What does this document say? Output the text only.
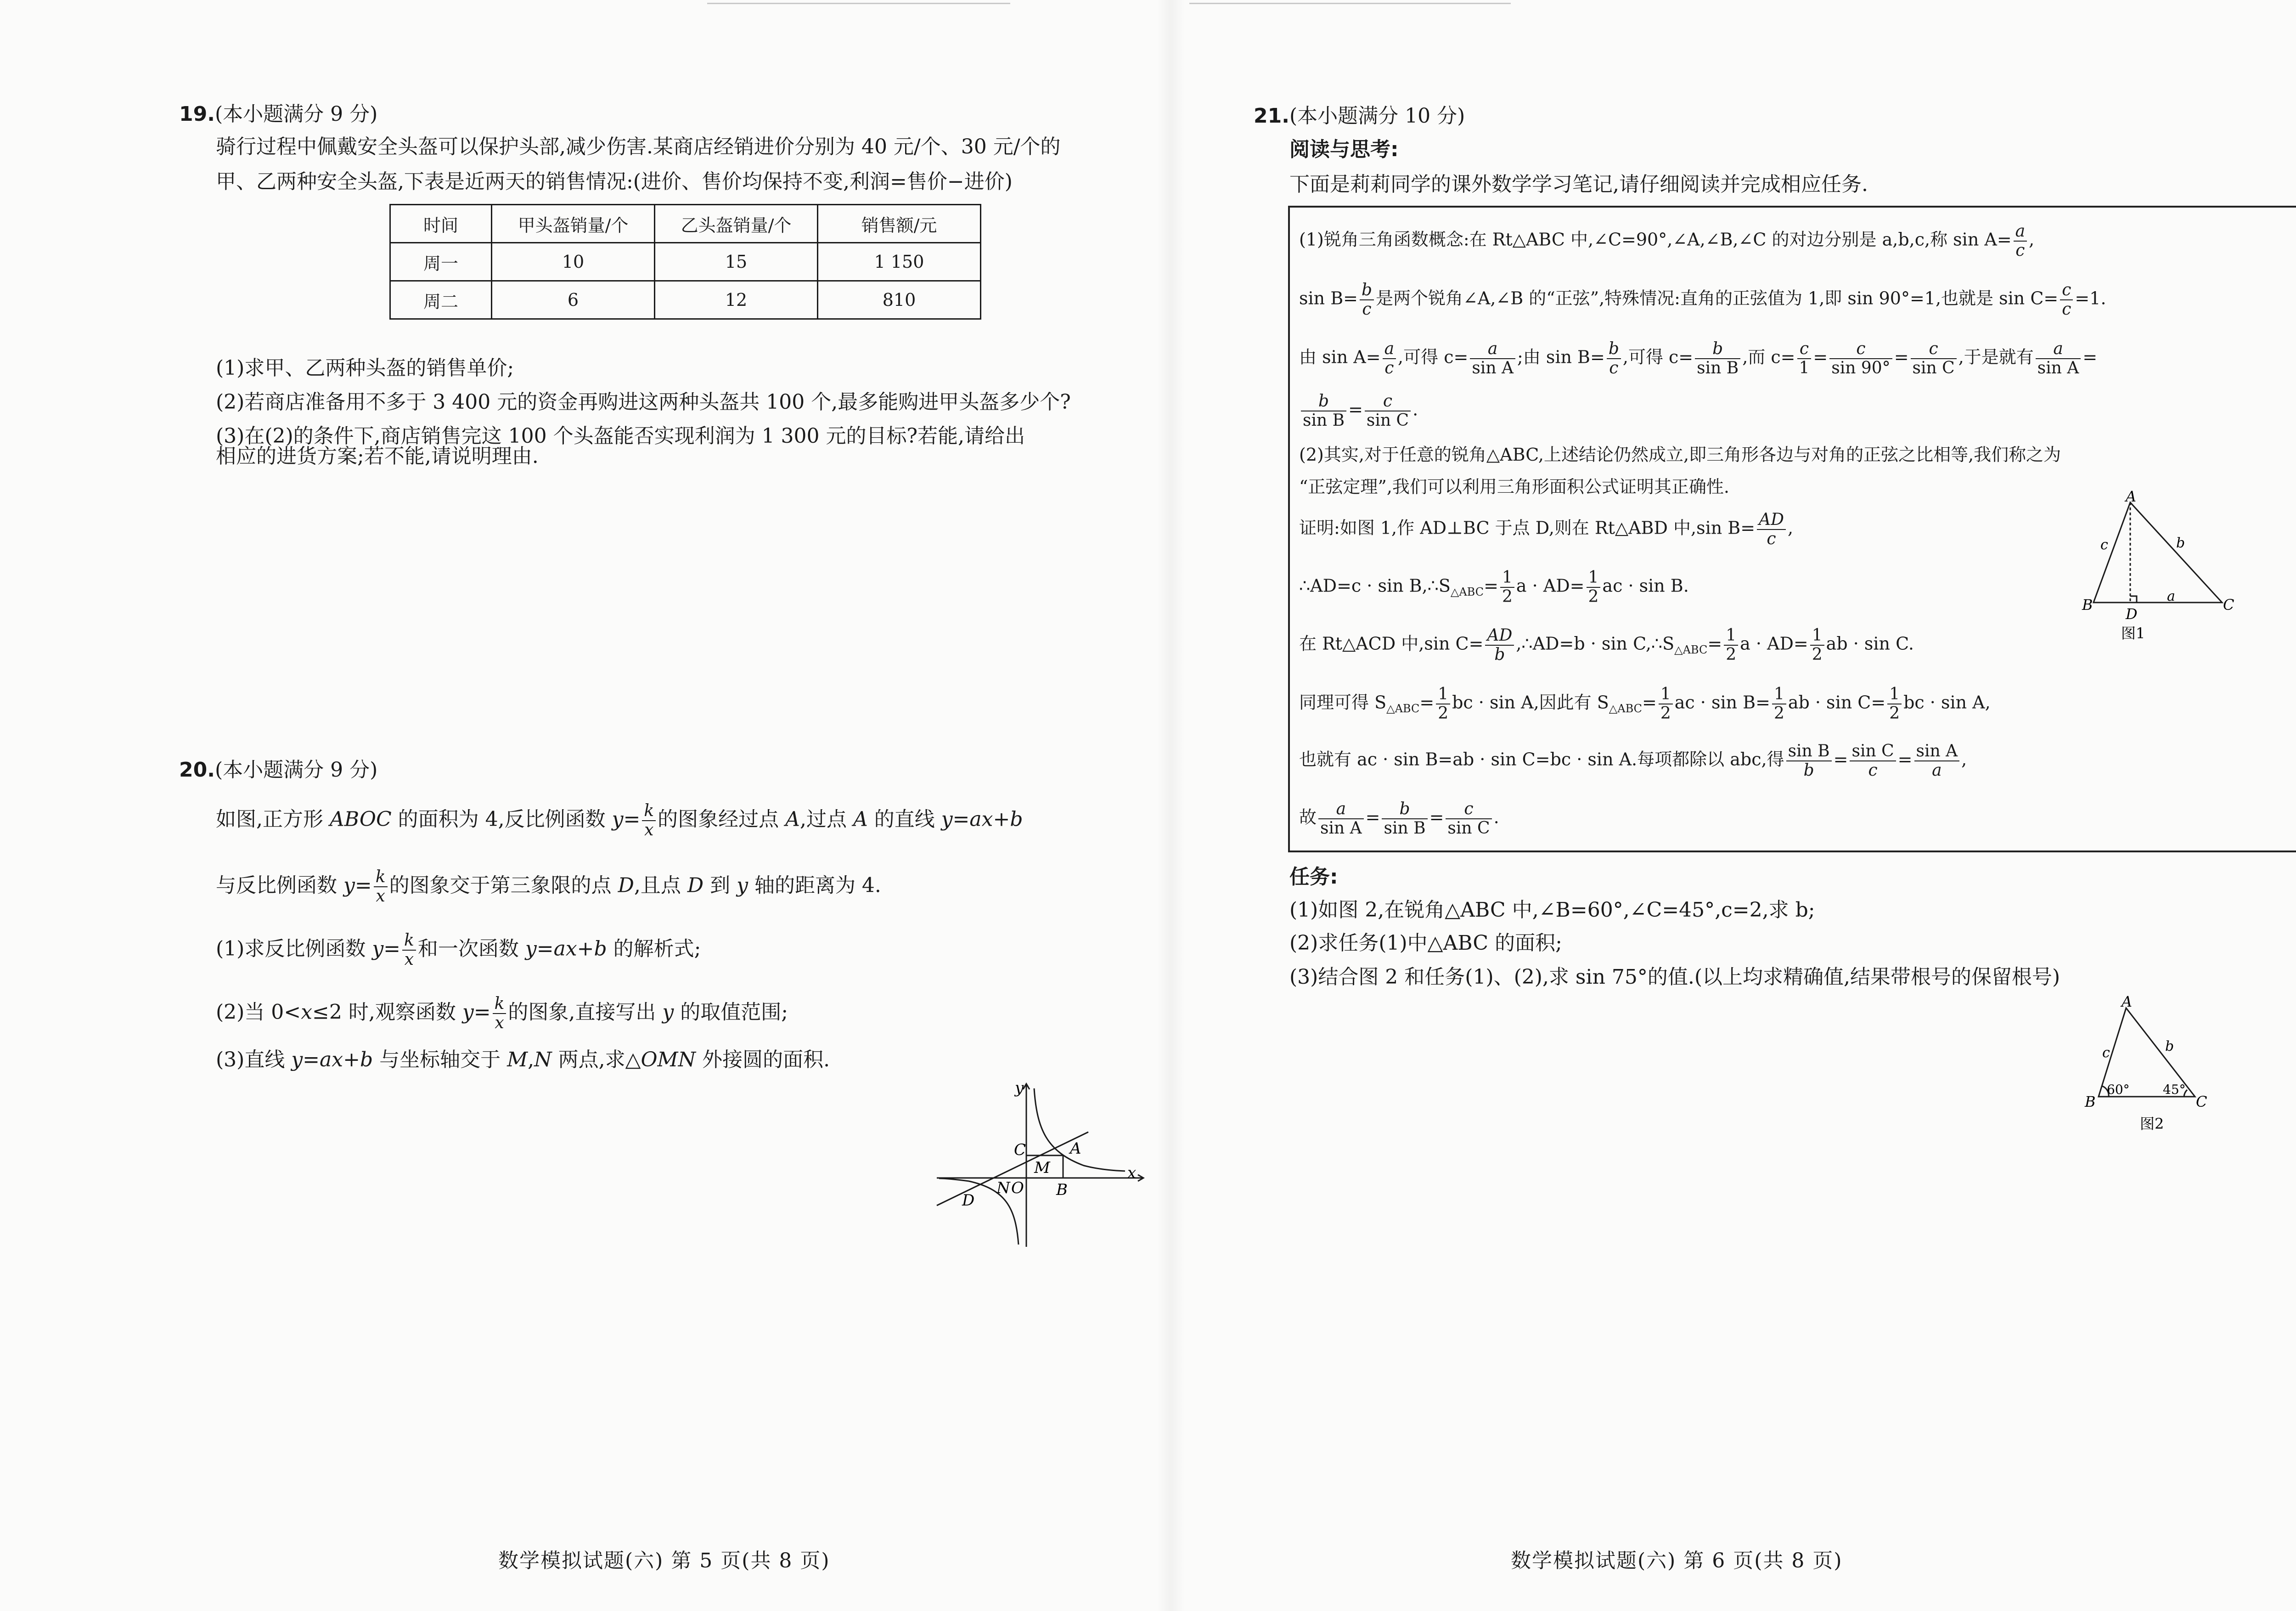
19.(本小题满分 9 分)
骑行过程中佩戴安全头盔可以保护头部,减少伤害.某商店经销进价分别为 40 元/个、30 元/个的
甲、乙两种安全头盔,下表是近两天的销售情况:(进价、售价均保持不变,利润=售价−进价)
时间	甲头盔销量/个	乙头盔销量/个	销售额/元
周一	10	15	1 150
周二	6	12	810
(1)求甲、乙两种头盔的销售单价;
(2)若商店准备用不多于 3 400 元的资金再购进这两种头盔共 100 个,最多能购进甲头盔多少个?
(3)在(2)的条件下,商店销售完这 100 个头盔能否实现利润为 1 300 元的目标?若能,请给出
相应的进货方案;若不能,请说明理由.
20.(本小题满分 9 分)
如图,正方形 ABOC 的面积为 4,反比例函数 $y= \frac{k}{x}$ 的图象经过点 A,过点 A 的直线 y=ax+b
与反比例函数 $y= \frac{k}{x}$ 的图象交于第三象限的点 D,且点 D 到 y 轴的距离为 4.
(1)求反比例函数 $y= \frac{k}{x}$ 和一次函数 y=ax+b 的解析式;
(2)当 0<x≤2 时,观察函数 $y= \frac{k}{x}$ 的图象,直接写出 y 的取值范围;
(3)直线 y=ax+b 与坐标轴交于 M,N 两点,求△OMN 外接圆的面积.
y
x
C	A
M
N O B
D
数学模拟试题(六) 第 5 页(共 8 页)
21.(本小题满分 10 分)
阅读与思考:
下面是莉莉同学的课外数学学习笔记,请仔细阅读并完成相应任务.
(1)锐角三角函数概念:在 Rt△ABC 中,∠C=90°,∠A,∠B,∠C 的对边分别是 a,b,c,称 $\sin A= \frac{a}{c}$ ,
$\sin B= \frac{b}{c}$ 是两个锐角∠A,∠B 的“正弦”,特殊情况:直角的正弦值为 1,即 sin 90°=1,也就是 $\sin C= \frac{c}{c} =1$.
由 $\sin A= \frac{a}{c}$ ,可得 $c= \frac{a}{\text{sin A}}$ ;由 $\sin B= \frac{b}{c}$ ,可得 $c= \frac{b}{\text{sin B}}$ ,而 $c= \frac{c}{1} = \frac{c}{\sin 90^\circ} = \frac{c}{\text{sin C}}$ ,于是就有 $\frac{a}{\text{sin A}}$ =
$\frac{b}{\text{sin B}} = \frac{c}{\text{sin C}}$ .
(2)其实,对于任意的锐角△ABC,上述结论仍然成立,即三角形各边与对角的正弦之比相等,我们称之为
“正弦定理”,我们可以利用三角形面积公式证明其正确性.
证明:如图 1,作 AD⊥BC 于点 D,则在 Rt△ABD 中,sin $B= \frac{AD}{c}$ ,
∴AD=c · $\sin B,\therefore S_{\triangle ABC}= \frac{1}{2}$ $a \cdot AD= \frac{1}{2}$ ac · sin B.
在 Rt△ACD 中,sin $C= \frac{AD}{b}$ ,∴AD=b · $\sin C,\therefore S_{\triangle ABC}= \frac{1}{2}$ $a \cdot AD= \frac{1}{2}$ ab · sin C.
同理可得 $S_{\triangle ABC}= \frac{1}{2}$ bc · sin A,因此有 $S_{\triangle ABC}= \frac{1}{2}$ ac · $\sin B= \frac{1}{2}$ ab · $\sin C= \frac{1}{2}$ bc · sin A,
也就有 ac · sin B=ab · sin C=bc · sin A.每项都除以 abc,得 $\frac{\text{sin B}}{b} = \frac{\text{sin C}}{c} = \frac{\text{sin A}}{a}$ ,
故 $\frac{a}{\text{sin A}} = \frac{b}{\text{sin B}} = \frac{c}{\text{sin C}}$ .
A
B	C
D
a
b
c
图1
任务:
(1)如图 2,在锐角△ABC 中,∠B=60°,∠C=45°,c=2,求 b;
(2)求任务(1)中△ABC 的面积;
(3)结合图 2 和任务(1)、(2),求 sin 75°的值.(以上均求精确值,结果带根号的保留根号)
A
B	C
b
c
60°	45°
图2
数学模拟试题(六) 第 6 页(共 8 页)
